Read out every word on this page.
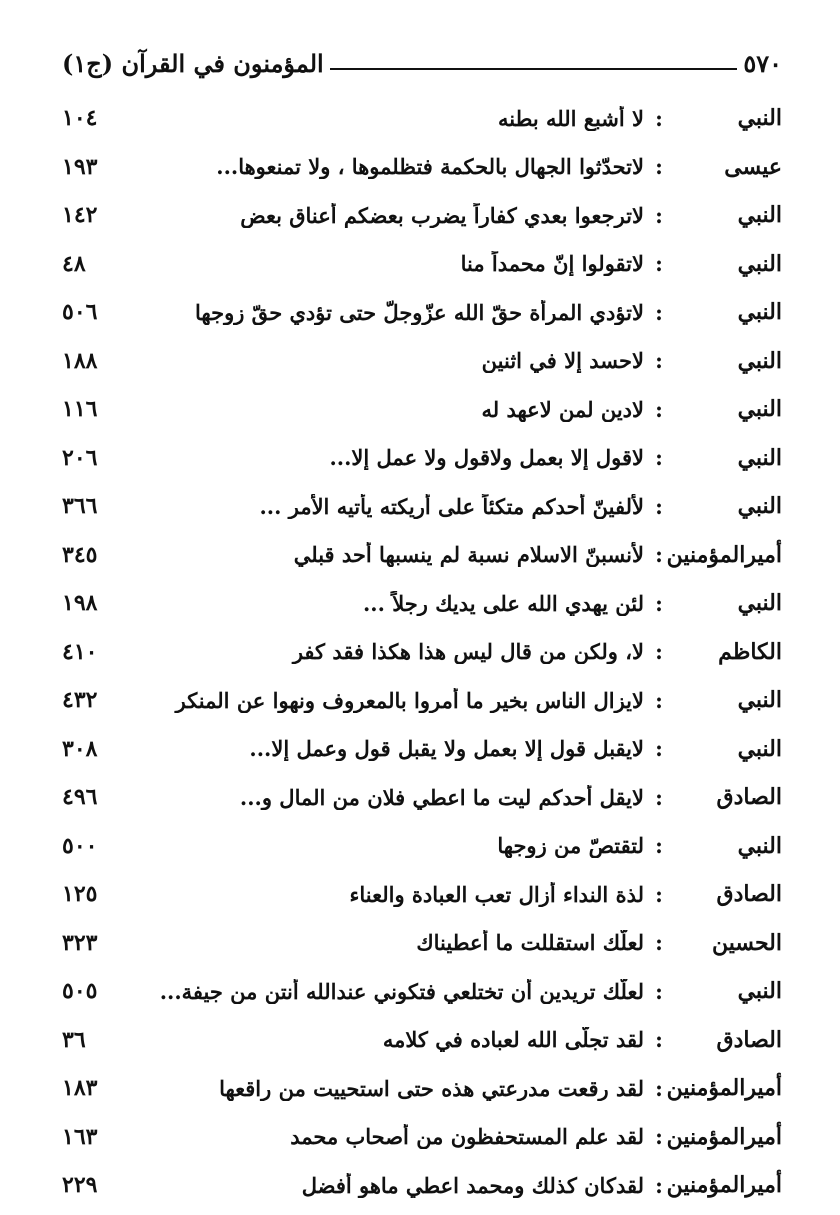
٥٧٠
المؤمنون في القرآن (ج١)
النبي
:
لا أشبع الله بطنه
١٠٤
عيسى
:
لاتحدّثوا الجهال بالحكمة فتظلموها ، ولا تمنعوها...
١٩٣
النبي
:
لاترجعوا بعدي كفاراً يضرب بعضكم أعناق بعض
١٤٢
النبي
:
لاتقولوا إنّ محمداً منا
٤٨
النبي
:
لاتؤدي المرأة حقّ الله عزّوجلّ حتى تؤدي حقّ زوجها
٥٠٦
النبي
:
لاحسد إلا في اثنين
١٨٨
النبي
:
لادين لمن لاعهد له
١١٦
النبي
:
لاقول إلا بعمل ولاقول ولا عمل إلا...
٢٠٦
النبي
:
لألفينّ أحدكم متكئاً على أريكته يأتيه الأمر ...
٣٦٦
أميرالمؤمنين
:
لأنسبنّ الاسلام نسبة لم ينسبها أحد قبلي
٣٤٥
النبي
:
لئن يهدي الله على يديك رجلاً ...
١٩٨
الكاظم
:
لا، ولكن من قال ليس هذا هكذا فقد كفر
٤١٠
النبي
:
لايزال الناس بخير ما أمروا بالمعروف ونهوا عن المنكر
٤٣٢
النبي
:
لايقبل قول إلا بعمل ولا يقبل قول وعمل إلا...
٣٠٨
الصادق
:
لايقل أحدكم ليت ما اعطي فلان من المال و...
٤٩٦
النبي
:
لتقتصّ من زوجها
٥٠٠
الصادق
:
لذة النداء أزال تعب العبادة والعناء
١٢٥
الحسين
:
لعلّك استقللت ما أعطيناك
٣٢٣
النبي
:
لعلّك تريدين أن تختلعي فتكوني عندالله أنتن من جيفة...
٥٠٥
الصادق
:
لقد تجلّى الله لعباده في كلامه
٣٦
أميرالمؤمنين
:
لقد رقعت مدرعتي هذه حتى استحييت من راقعها
١٨٣
أميرالمؤمنين
:
لقد علم المستحفظون من أصحاب محمد
١٦٣
أميرالمؤمنين
:
لقدكان كذلك ومحمد اعطي ماهو أفضل
٢٢٩
